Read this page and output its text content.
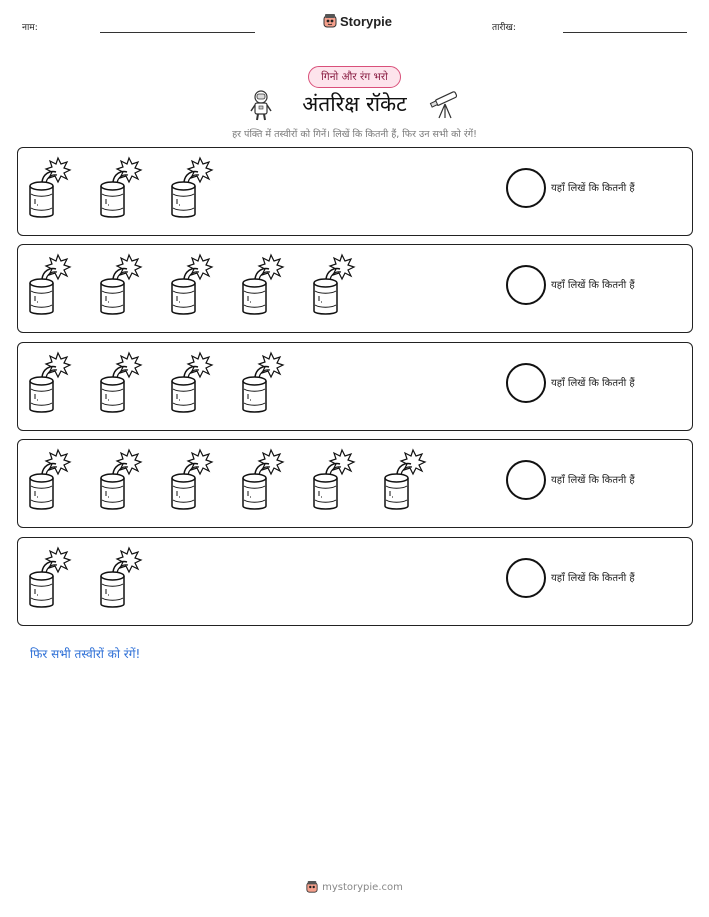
नाम:	Storypie	तारीख:
गिनो और रंग भरो
अंतरिक्ष रॉकेट
हर पंक्ति में तस्वीरों को गिनें। लिखें कि कितनी हैं, फिर उन सभी को रंगें!
यहाँ लिखें कि कितनी हैं
यहाँ लिखें कि कितनी हैं
यहाँ लिखें कि कितनी हैं
यहाँ लिखें कि कितनी हैं
यहाँ लिखें कि कितनी हैं
फिर सभी तस्वीरों को रंगें!
mystorypie.com
